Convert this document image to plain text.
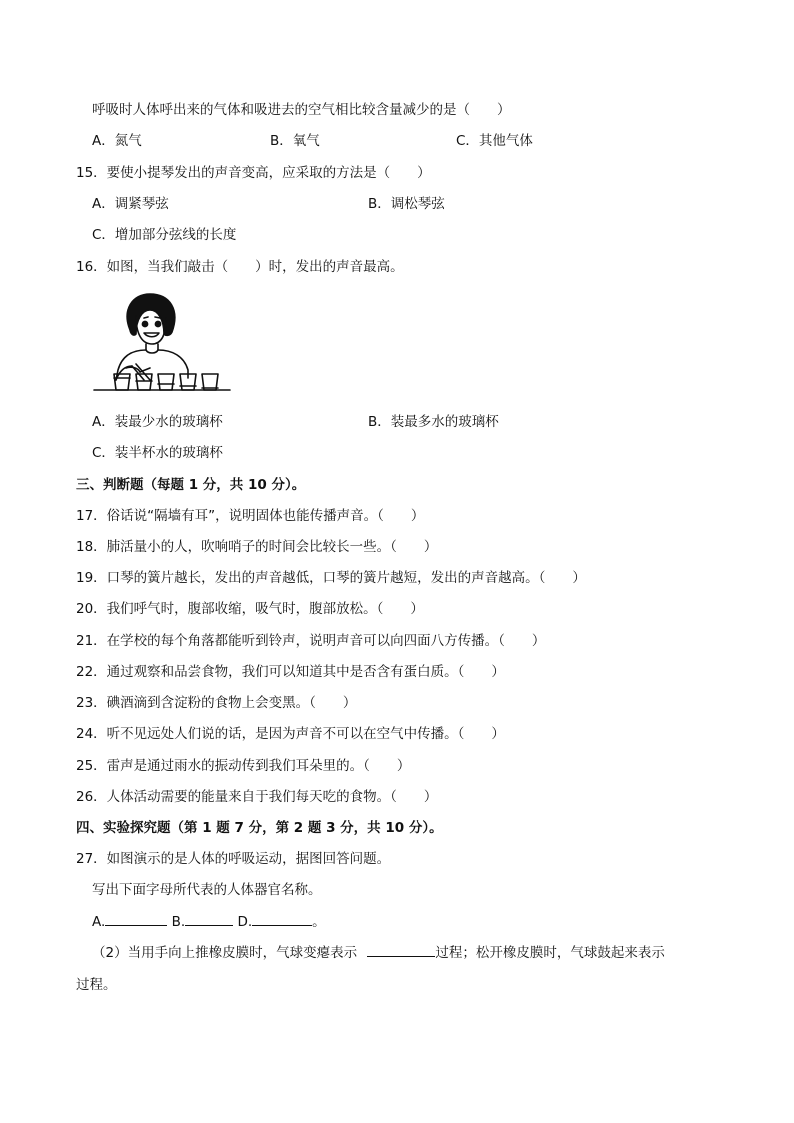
呼吸时人体呼出来的气体和吸进去的空气相比较含量减少的是（　　）
A．氮气	B．氧气	C．其他气体
15．要使小提琴发出的声音变高，应采取的方法是（　　）
A．调紧琴弦	B．调松琴弦
C．增加部分弦线的长度
16．如图，当我们敲击（　　）时，发出的声音最高。
A．装最少水的玻璃杯	B．装最多水的玻璃杯
C．装半杯水的玻璃杯
三、判断题（每题 1 分，共 10 分）。
17．俗话说“隔墙有耳”，说明固体也能传播声音。（　　）
18．肺活量小的人，吹响哨子的时间会比较长一些。（　　）
19．口琴的簧片越长，发出的声音越低，口琴的簧片越短，发出的声音越高。（　　）
20．我们呼气时，腹部收缩，吸气时，腹部放松。（　　）
21．在学校的每个角落都能听到铃声，说明声音可以向四面八方传播。（　　）
22．通过观察和品尝食物，我们可以知道其中是否含有蛋白质。（　　）
23．碘酒滴到含淀粉的食物上会变黑。（　　）
24．听不见远处人们说的话，是因为声音不可以在空气中传播。（　　）
25．雷声是通过雨水的振动传到我们耳朵里的。（　　）
26．人体活动需要的能量来自于我们每天吃的食物。（　　）
四、实验探究题（第 1 题 7 分，第 2 题 3 分，共 10 分）。
27．如图演示的是人体的呼吸运动，据图回答问题。
写出下面字母所代表的人体器官名称。
A.	B.	D.	。
（2）当用手向上推橡皮膜时，气球变瘪表示	过程；松开橡皮膜时，气球鼓起来表示
过程。
